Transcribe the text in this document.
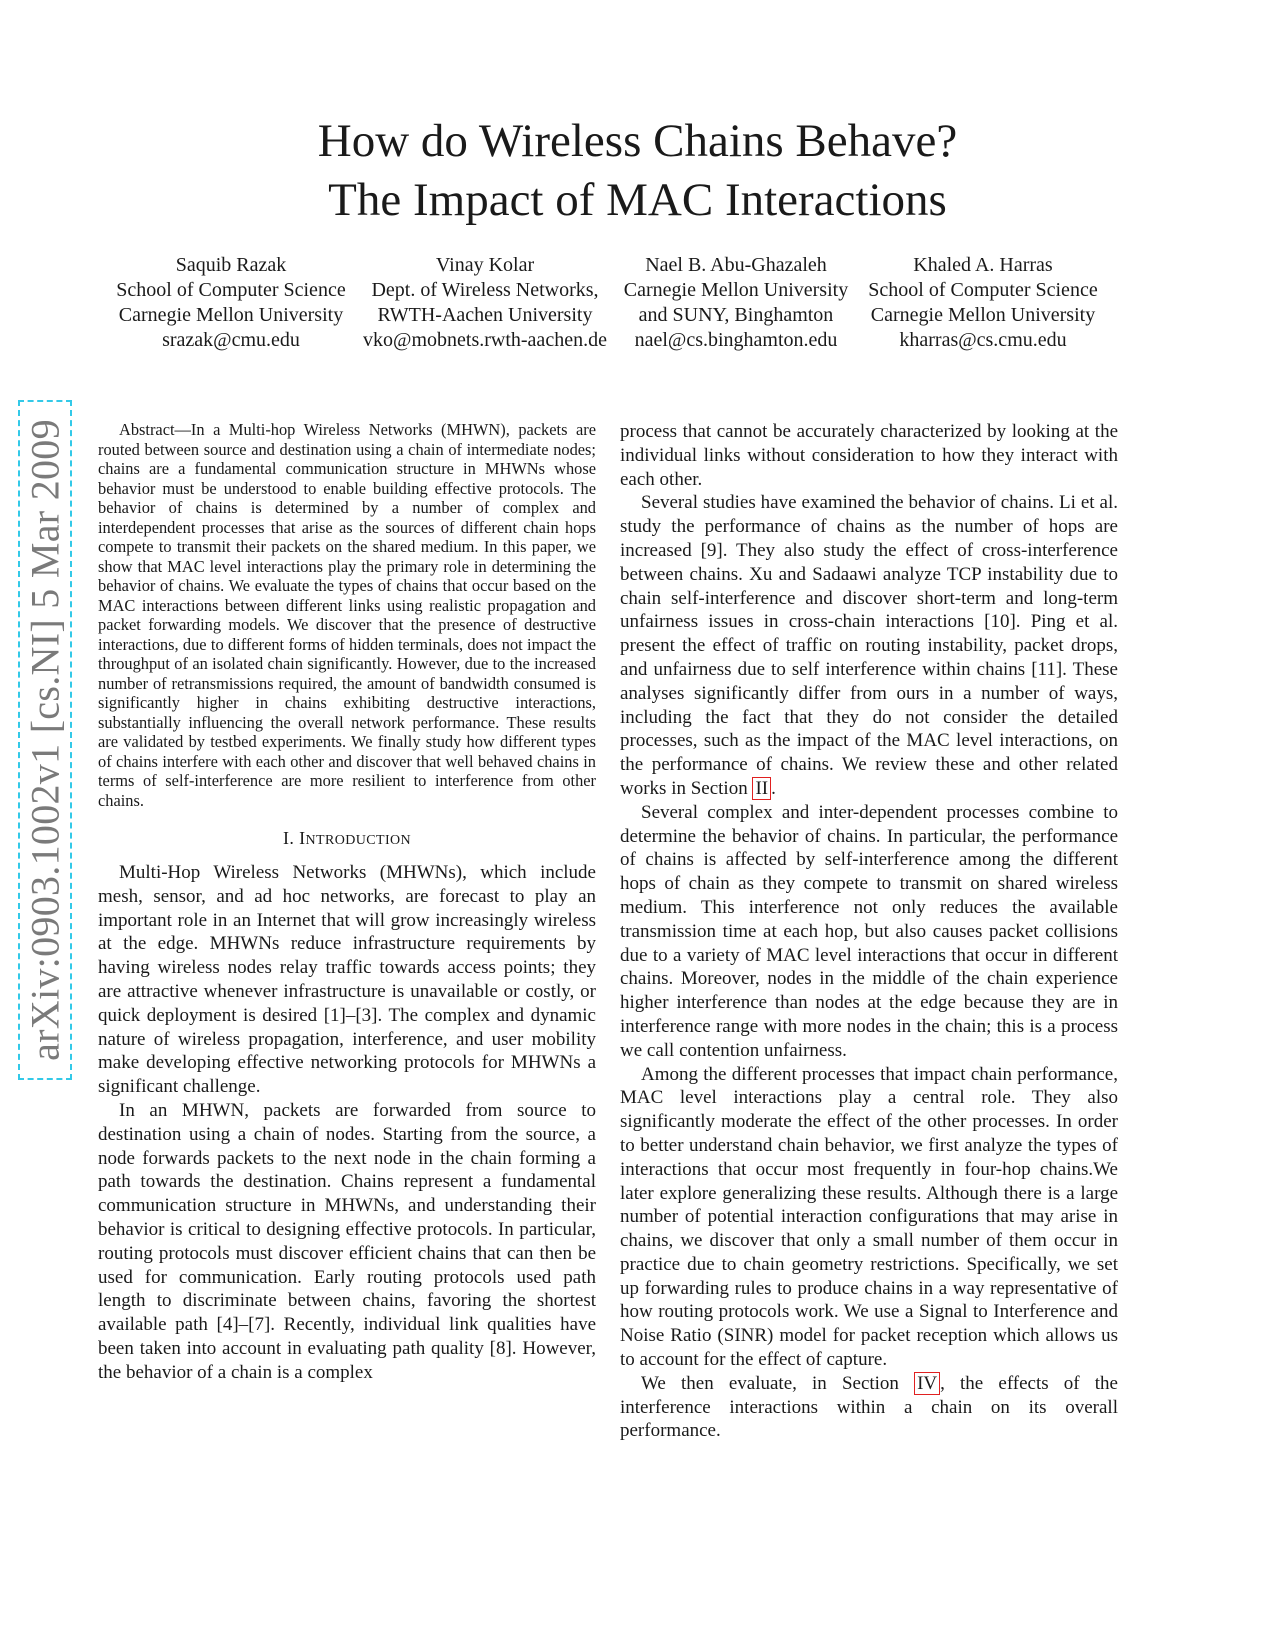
How do Wireless Chains Behave?
The Impact of MAC Interactions
Saquib Razak
School of Computer Science
Carnegie Mellon University
srazak@cmu.edu
Vinay Kolar
Dept. of Wireless Networks,
RWTH-Aachen University
vko@mobnets.rwth-aachen.de
Nael B. Abu-Ghazaleh
Carnegie Mellon University
and SUNY, Binghamton
nael@cs.binghamton.edu
Khaled A. Harras
School of Computer Science
Carnegie Mellon University
kharras@cs.cmu.edu
arXiv:0903.1002v1 [cs.NI] 5 Mar 2009	Abstract—In a Multi-hop Wireless Networks (MHWN), packets are routed between source and destination using a chain of intermediate nodes; chains are a fundamental communication structure in MHWNs whose behavior must be understood to enable building effective protocols. The behavior of chains is determined by a number of complex and interdependent processes that arise as the sources of different chain hops compete to transmit their packets on the shared medium. In this paper, we show that MAC level interactions play the primary role in determining the behavior of chains. We evaluate the types of chains that occur based on the MAC interactions between different links using realistic propagation and packet forwarding models. We discover that the presence of destructive interactions, due to different forms of hidden terminals, does not impact the throughput of an isolated chain significantly. However, due to the increased number of retransmissions required, the amount of bandwidth consumed is significantly higher in chains exhibiting destructive interactions, substantially influencing the overall network performance. These results are validated by testbed experiments. We finally study how different types of chains interfere with each other and discover that well behaved chains in terms of self-interference are more resilient to interference from other chains.

I. INTRODUCTION

Multi-Hop Wireless Networks (MHWNs), which include mesh, sensor, and ad hoc networks, are forecast to play an important role in an Internet that will grow increasingly wireless at the edge. MHWNs reduce infrastructure requirements by having wireless nodes relay traffic towards access points; they are attractive whenever infrastructure is unavailable or costly, or quick deployment is desired [1]–[3]. The complex and dynamic nature of wireless propagation, interference, and user mobility make developing effective networking protocols for MHWNs a significant challenge.

In an MHWN, packets are forwarded from source to destination using a chain of nodes. Starting from the source, a node forwards packets to the next node in the chain forming a path towards the destination. Chains represent a fundamental communication structure in MHWNs, and understanding their behavior is critical to designing effective protocols. In particular, routing protocols must discover efficient chains that can then be used for communication. Early routing protocols used path length to discriminate between chains, favoring the shortest available path [4]–[7]. Recently, individual link qualities have been taken into account in evaluating path quality [8]. However, the behavior of a chain is a complex

process that cannot be accurately characterized by looking at the individual links without consideration to how they interact with each other.

Several studies have examined the behavior of chains. Li et al. study the performance of chains as the number of hops are increased [9]. They also study the effect of cross-interference between chains. Xu and Sadaawi analyze TCP instability due to chain self-interference and discover short-term and long-term unfairness issues in cross-chain interactions [10]. Ping et al. present the effect of traffic on routing instability, packet drops, and unfairness due to self interference within chains [11]. These analyses significantly differ from ours in a number of ways, including the fact that they do not consider the detailed processes, such as the impact of the MAC level interactions, on the performance of chains. We review these and other related works in Section II .

Several complex and inter-dependent processes combine to determine the behavior of chains. In particular, the performance of chains is affected by self-interference among the different hops of chain as they compete to transmit on shared wireless medium. This interference not only reduces the available transmission time at each hop, but also causes packet collisions due to a variety of MAC level interactions that occur in different chains. Moreover, nodes in the middle of the chain experience higher interference than nodes at the edge because they are in interference range with more nodes in the chain; this is a process we call contention unfairness.

Among the different processes that impact chain performance, MAC level interactions play a central role. They also significantly moderate the effect of the other processes. In order to better understand chain behavior, we first analyze the types of interactions that occur most frequently in four-hop chains.We later explore generalizing these results. Although there is a large number of potential interaction configurations that may arise in chains, we discover that only a small number of them occur in practice due to chain geometry restrictions. Specifically, we set up forwarding rules to produce chains in a way representative of how routing protocols work. We use a Signal to Interference and Noise Ratio (SINR) model for packet reception which allows us to account for the effect of capture.

We then evaluate, in Section IV , the effects of the interference interactions within a chain on its overall performance.
